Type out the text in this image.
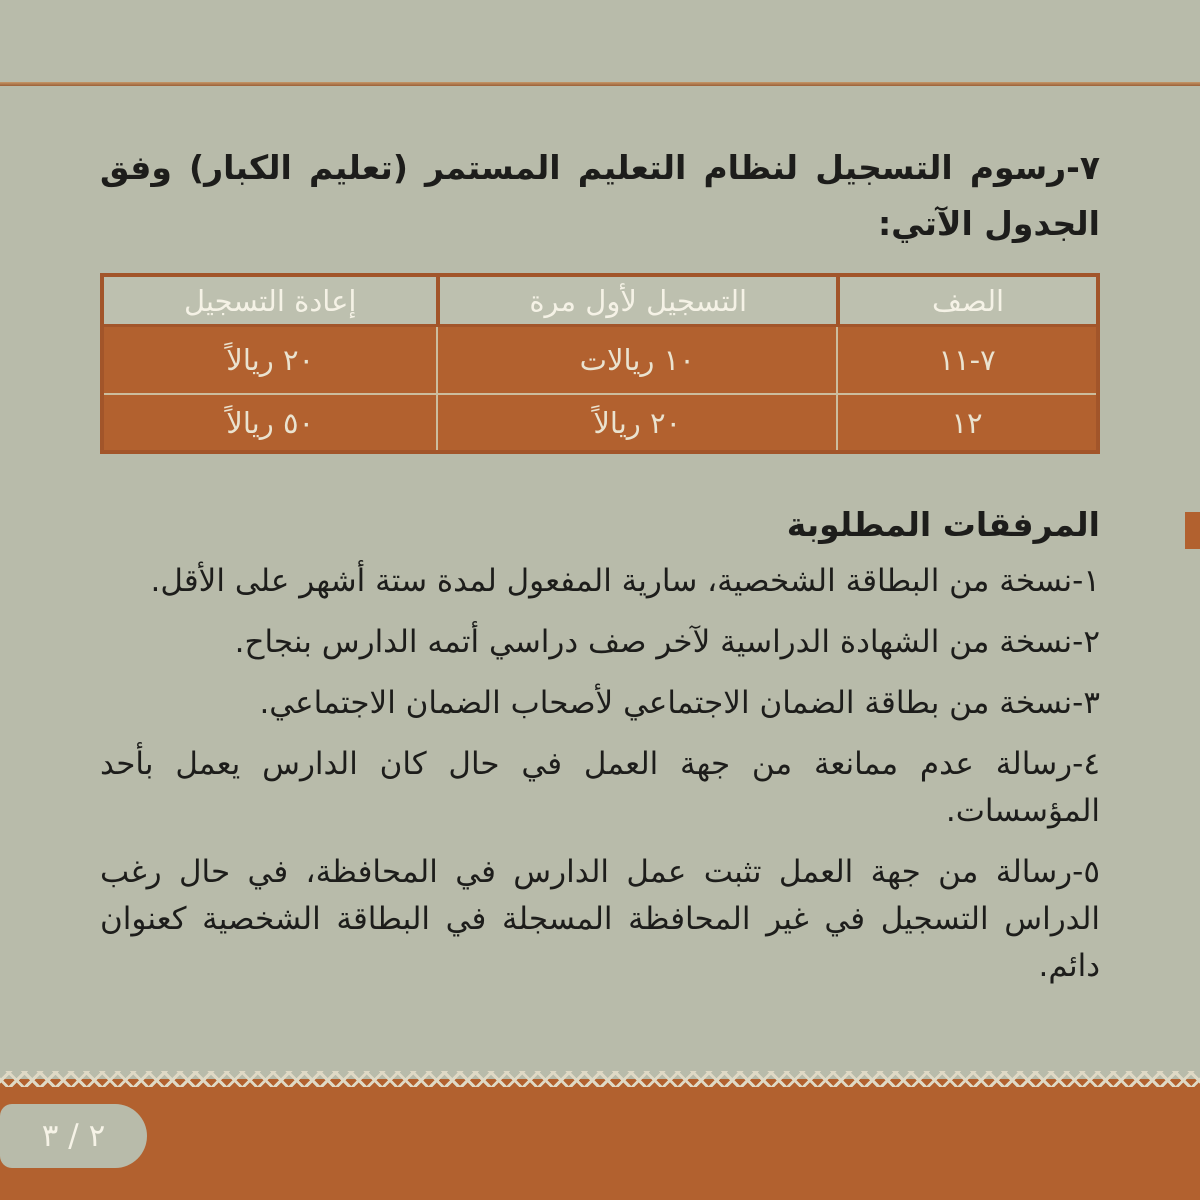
٧-رسوم التسجيل لنظام التعليم المستمر (تعليم الكبار) وفق الجدول الآتي:

الصف
التسجيل لأول مرة
إعادة التسجيل
٧-١١
١٠ ريالات
٢٠ ريالاً
١٢
٢٠ ريالاً
٥٠ ريالاً
المرفقات المطلوبة

١-نسخة من البطاقة الشخصية، سارية المفعول لمدة ستة أشهر على الأقل.

٢-نسخة من الشهادة الدراسية لآخر صف دراسي أتمه الدارس بنجاح.

٣-نسخة من بطاقة الضمان الاجتماعي لأصحاب الضمان الاجتماعي.

٤-رسالة عدم ممانعة من جهة العمل في حال كان الدارس يعمل بأحد المؤسسات.

٥-رسالة من جهة العمل تثبت عمل الدارس في المحافظة، في حال رغب الدراس التسجيل في غير المحافظة المسجلة في البطاقة الشخصية كعنوان دائم.

٣ / ٢
